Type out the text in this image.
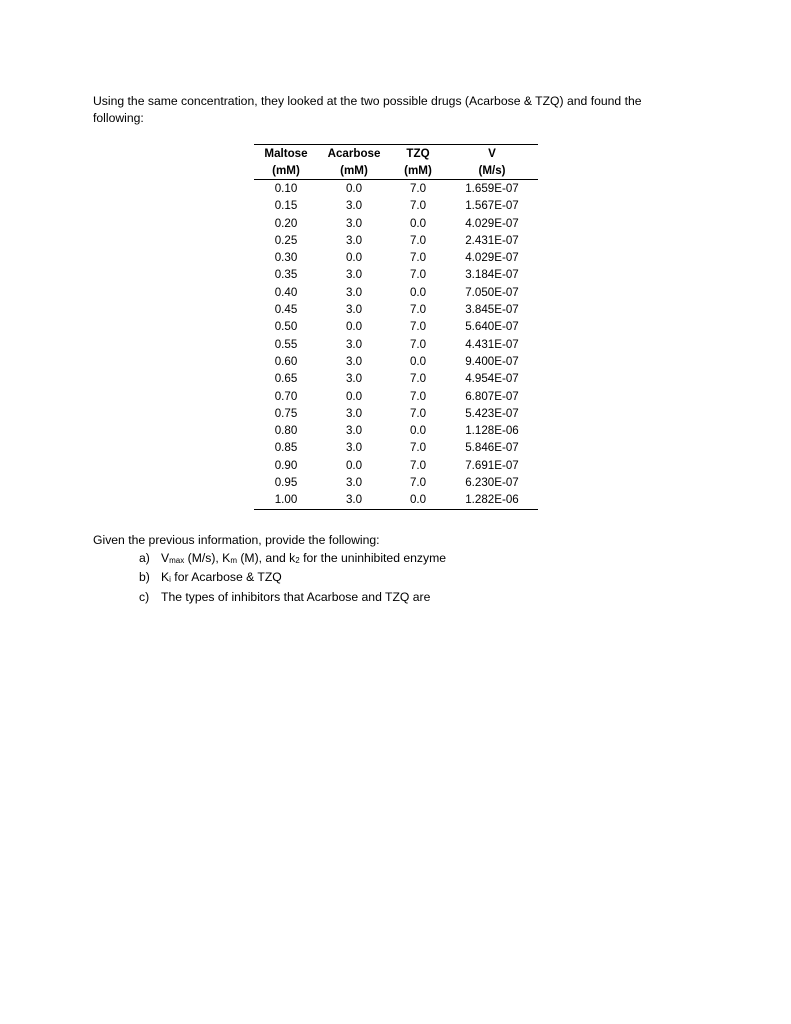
Using the same concentration, they looked at the two possible drugs (Acarbose & TZQ) and found the
following:
Maltose	Acarbose	TZQ	V
(mM)	(mM)	(mM)	(M/s)
0.10	0.0	7.0	1.659E-07
0.15	3.0	7.0	1.567E-07
0.20	3.0	0.0	4.029E-07
0.25	3.0	7.0	2.431E-07
0.30	0.0	7.0	4.029E-07
0.35	3.0	7.0	3.184E-07
0.40	3.0	0.0	7.050E-07
0.45	3.0	7.0	3.845E-07
0.50	0.0	7.0	5.640E-07
0.55	3.0	7.0	4.431E-07
0.60	3.0	0.0	9.400E-07
0.65	3.0	7.0	4.954E-07
0.70	0.0	7.0	6.807E-07
0.75	3.0	7.0	5.423E-07
0.80	3.0	0.0	1.128E-06
0.85	3.0	7.0	5.846E-07
0.90	0.0	7.0	7.691E-07
0.95	3.0	7.0	6.230E-07
1.00	3.0	0.0	1.282E-06
Given the previous information, provide the following:
a) Vmax (M/s), Km (M), and k2 for the uninhibited enzyme
b) Ki for Acarbose & TZQ
c) The types of inhibitors that Acarbose and TZQ are
